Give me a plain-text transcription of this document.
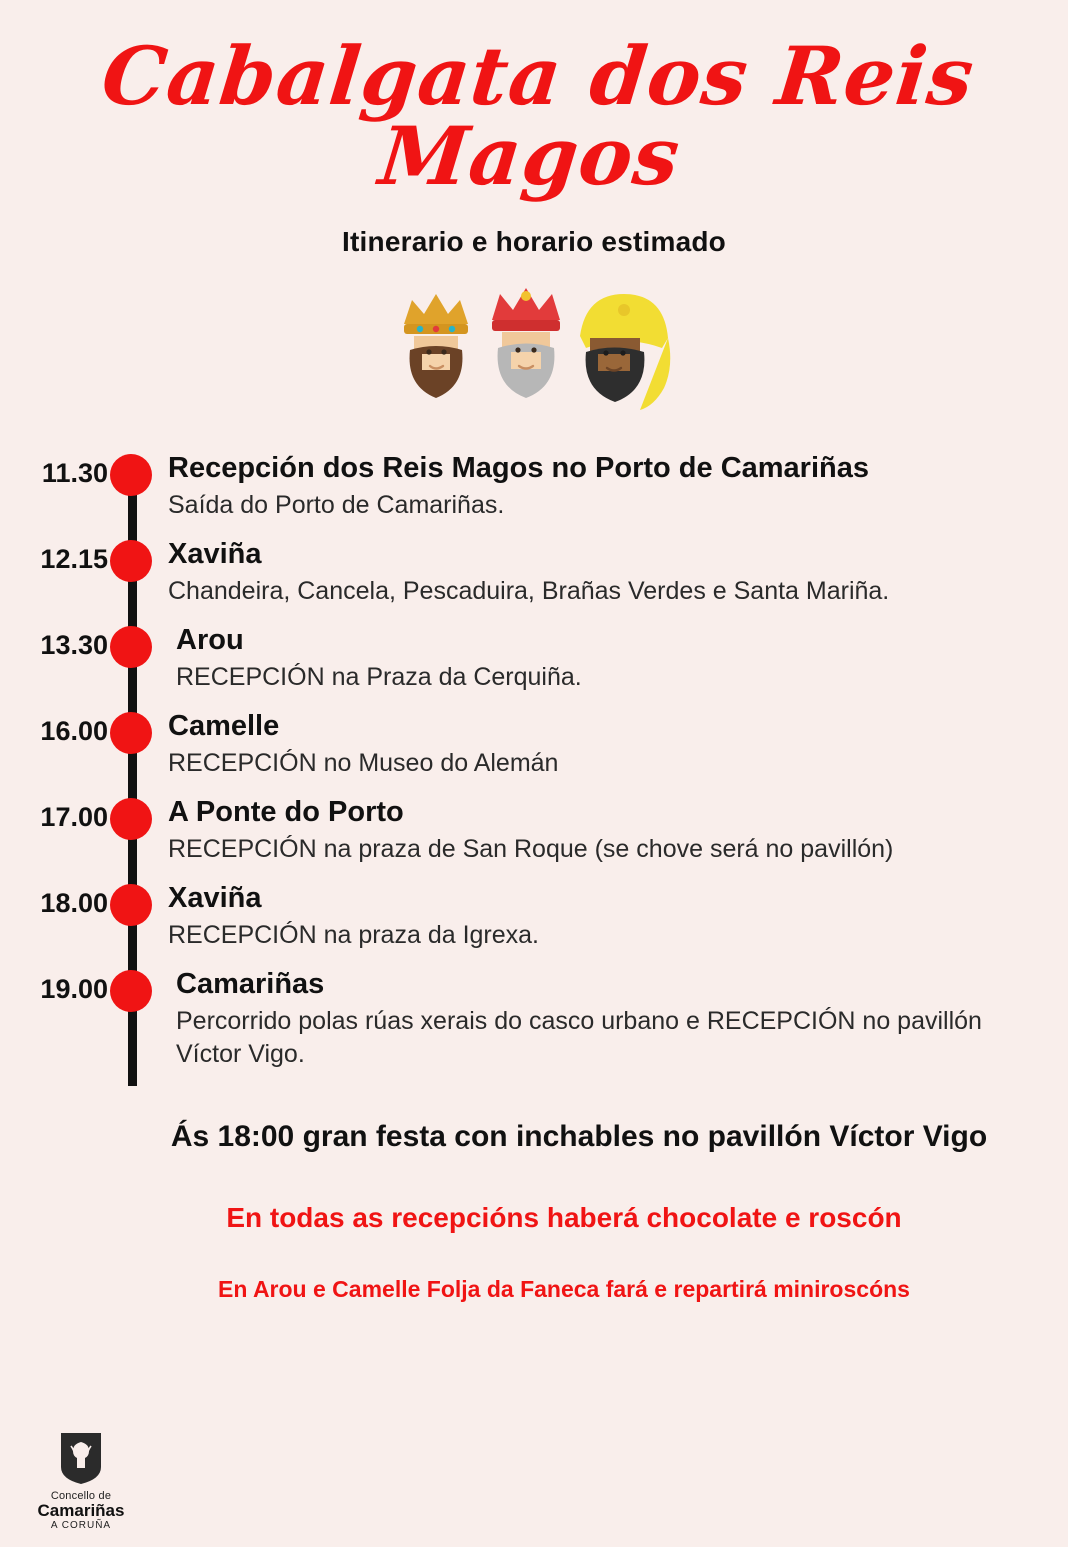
Cabalgata dos Reis Magos
Itinerario e horario estimado
11.30 Recepción dos Reis Magos no Porto de Camariñas

Saída do Porto de Camariñas.

12.15 Xaviña

Chandeira, Cancela, Pescaduira, Brañas Verdes e Santa Mariña.

13.30 Arou

RECEPCIÓN na Praza da Cerquiña.

16.00 Camelle

RECEPCIÓN no Museo do Alemán

17.00 A Ponte do Porto

RECEPCIÓN na praza de San Roque (se chove será no pavillón)

18.00 Xaviña

RECEPCIÓN na praza da Igrexa.

19.00 Camariñas

Percorrido polas rúas xerais do casco urbano e RECEPCIÓN no pavillón Víctor Vigo.

Ás 18:00 gran festa con inchables no pavillón Víctor Vigo
En todas as recepcións haberá chocolate e roscón
En Arou e Camelle Folja da Faneca fará e repartirá miniroscóns
Concello de
Camariñas
A CORUÑA
